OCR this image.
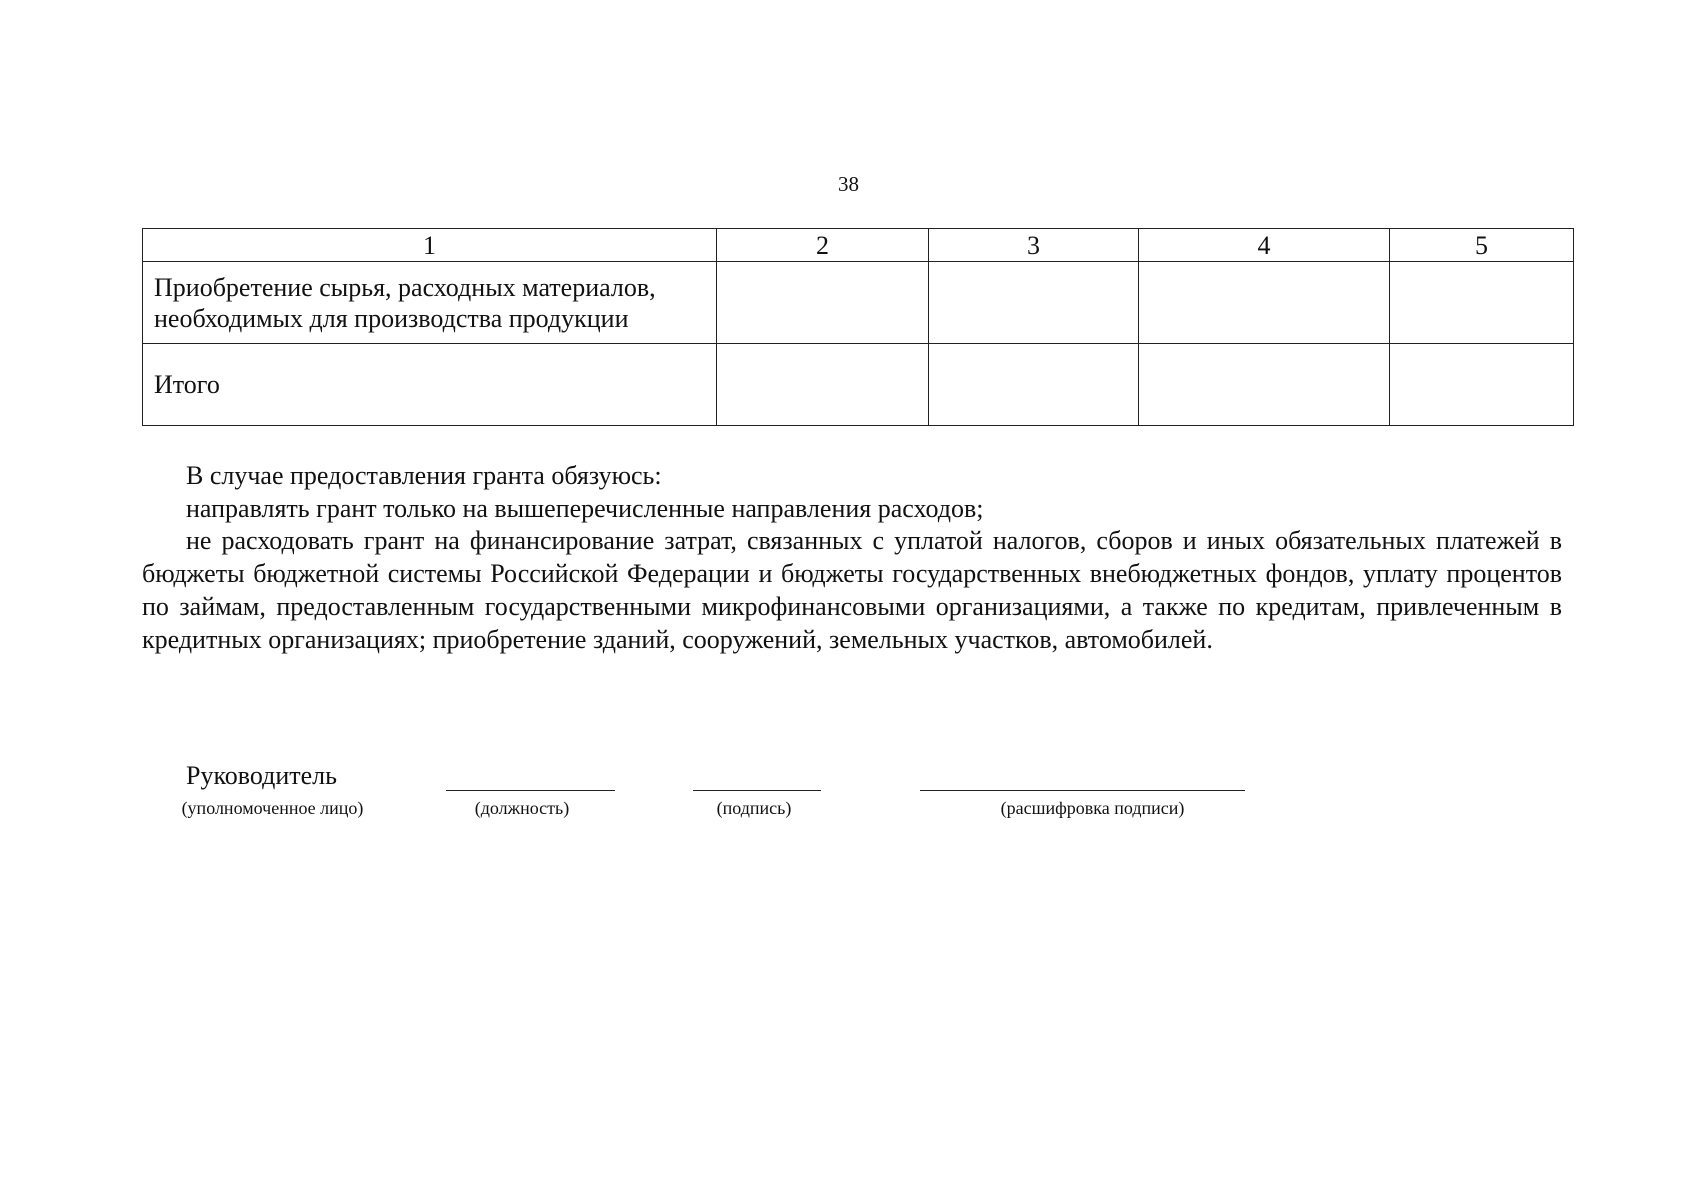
38
1	2	3	4	5

Приобретение сырья, расходных материалов,
необходимых для производства продукции				

Итого				

В случае предоставления гранта обязуюсь:

направлять грант только на вышеперечисленные направления расходов;

не расходовать грант на финансирование затрат, связанных с уплатой налогов, сборов и иных обязательных платежей в бюджеты бюджетной системы Российской Федерации и бюджеты государственных внебюджетных фондов, уплату процентов по займам, предоставленным государственными микрофинансовыми организациями, а также по кредитам, привлеченным в кредитных организациях; приобретение зданий, сооружений, земельных участков, автомобилей.

Руководитель
(уполномоченное лицо)	(должность)	(подпись)	(расшифровка подписи)
